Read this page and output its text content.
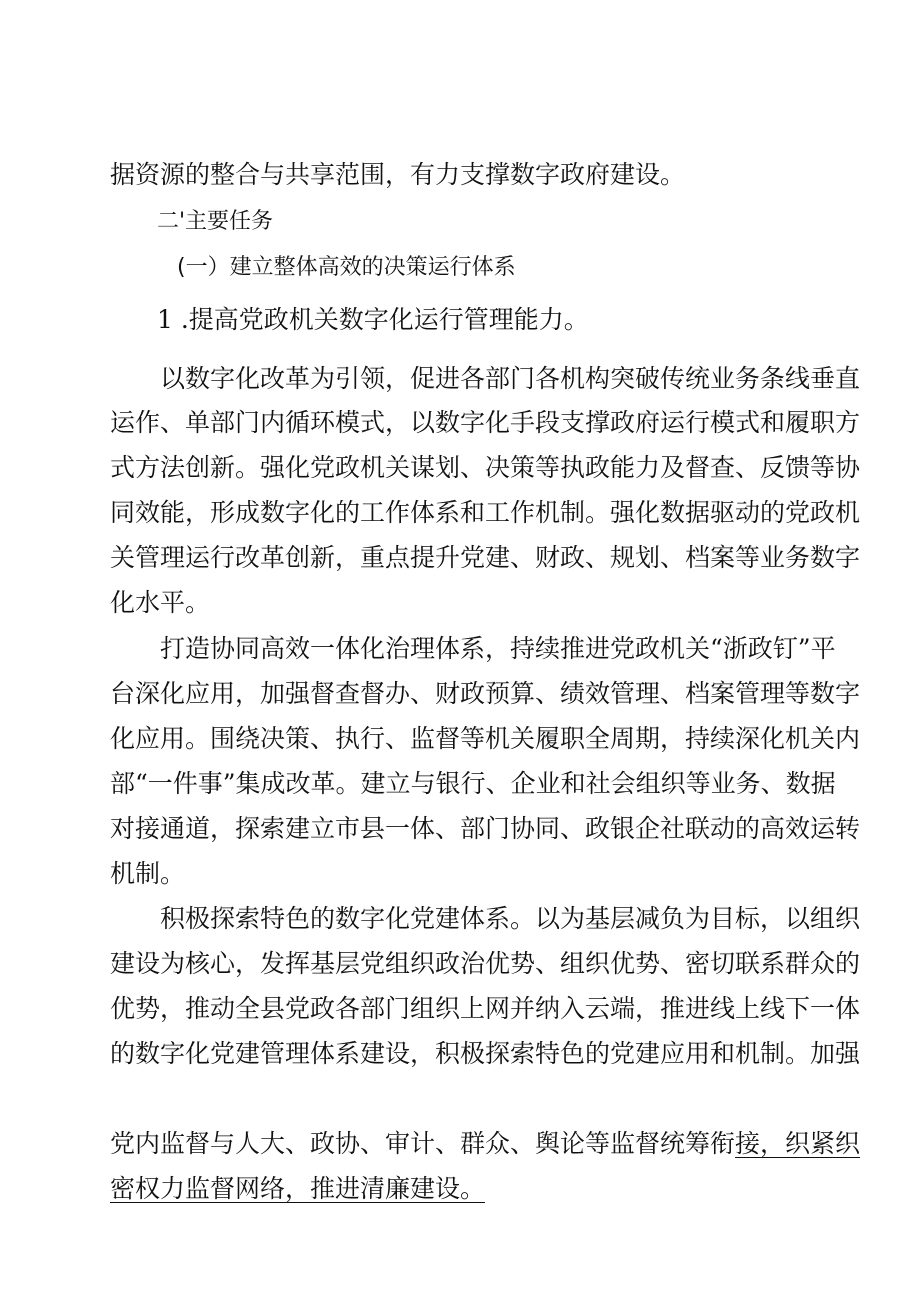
据资源的整合与共享范围，有力支撑数字政府建设。
二'主要任务
(一）建立整体高效的决策运行体系
1 .提高党政机关数字化运行管理能力。
以数字化改革为引领，促进各部门各机构突破传统业务条线垂直
运作、单部门内循环模式，以数字化手段支撑政府运行模式和履职方
式方法创新。强化党政机关谋划、决策等执政能力及督查、反馈等协
同效能，形成数字化的工作体系和工作机制。强化数据驱动的党政机
关管理运行改革创新，重点提升党建、财政、规划、档案等业务数字
化水平。
打造协同高效一体化治理体系，持续推进党政机关“浙政钉”平
台深化应用，加强督查督办、财政预算、绩效管理、档案管理等数字
化应用。围绕决策、执行、监督等机关履职全周期，持续深化机关内
部“一件事”集成改革。建立与银行、企业和社会组织等业务、数据
对接通道，探索建立市县一体、部门协同、政银企社联动的高效运转
机制。
积极探索特色的数字化党建体系。以为基层减负为目标，以组织
建设为核心，发挥基层党组织政治优势、组织优势、密切联系群众的
优势，推动全县党政各部门组织上网并纳入云端，推进线上线下一体
的数字化党建管理体系建设，积极探索特色的党建应用和机制。加强
党内监督与人大、政协、审计、群众、舆论等监督统筹衔接，织紧织
密权力监督网络，推进清廉建设。
